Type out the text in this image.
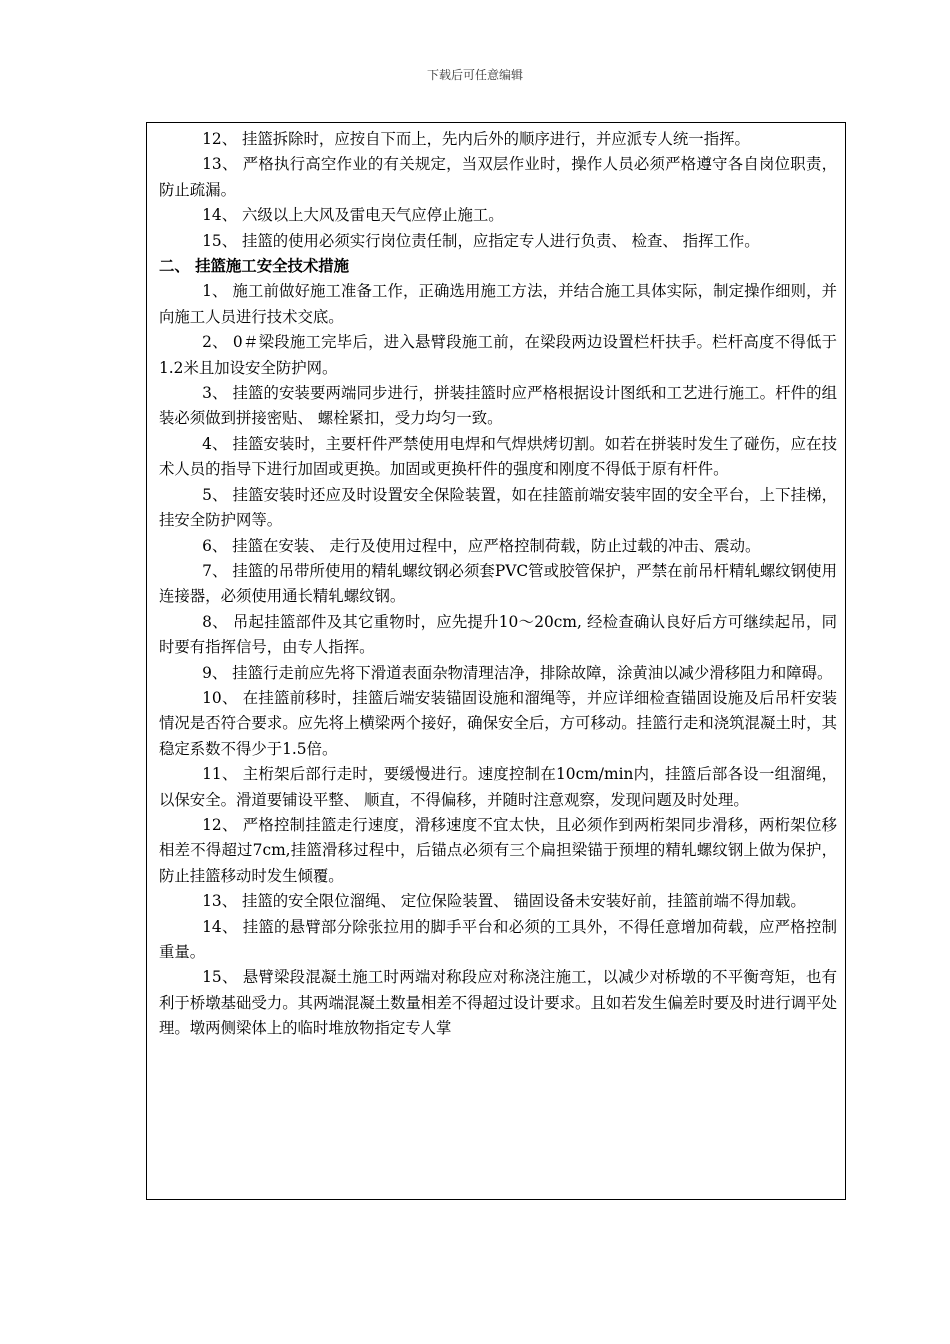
下载后可任意编辑

12、 挂篮拆除时，应按自下而上，先内后外的顺序进行，并应派专人统一指挥。

13、 严格执行高空作业的有关规定，当双层作业时，操作人员必须严格遵守各自岗位职责，防止疏漏。

14、 六级以上大风及雷电天气应停止施工。

15、 挂篮的使用必须实行岗位责任制，应指定专人进行负责、 检查、 指挥工作。

二、 挂篮施工安全技术措施

1、 施工前做好施工准备工作，正确选用施工方法，并结合施工具体实际，制定操作细则，并向施工人员进行技术交底。

2、 0＃梁段施工完毕后，进入悬臂段施工前，在梁段两边设置栏杆扶手。栏杆高度不得低于1.2米且加设安全防护网。

3、 挂篮的安装要两端同步进行，拼装挂篮时应严格根据设计图纸和工艺进行施工。杆件的组装必须做到拼接密贴、 螺栓紧扣，受力均匀一致。

4、 挂篮安装时，主要杆件严禁使用电焊和气焊烘烤切割。如若在拼装时发生了碰伤，应在技术人员的指导下进行加固或更换。加固或更换杆件的强度和刚度不得低于原有杆件。

5、 挂篮安装时还应及时设置安全保险装置，如在挂篮前端安装牢固的安全平台，上下挂梯，挂安全防护网等。

6、 挂篮在安装、 走行及使用过程中，应严格控制荷载，防止过载的冲击、震动。

7、 挂篮的吊带所使用的精轧螺纹钢必须套PVC管或胶管保护，严禁在前吊杆精轧螺纹钢使用连接器，必须使用通长精轧螺纹钢。

8、 吊起挂篮部件及其它重物时，应先提升10～20cm, 经检查确认良好后方可继续起吊，同时要有指挥信号，由专人指挥。

9、 挂篮行走前应先将下滑道表面杂物清理洁净，排除故障，涂黄油以减少滑移阻力和障碍。

10、 在挂篮前移时，挂篮后端安装锚固设施和溜绳等，并应详细检查锚固设施及后吊杆安装情况是否符合要求。应先将上横梁两个接好，确保安全后，方可移动。挂篮行走和浇筑混凝土时，其稳定系数不得少于1.5倍。

11、 主桁架后部行走时，要缓慢进行。速度控制在10cm/min内，挂篮后部各设一组溜绳，以保安全。滑道要铺设平整、 顺直，不得偏移，并随时注意观察，发现问题及时处理。

12、 严格控制挂篮走行速度，滑移速度不宜太快，且必须作到两桁架同步滑移，两桁架位移相差不得超过7cm,挂篮滑移过程中，后锚点必须有三个扁担梁锚于预埋的精轧螺纹钢上做为保护，防止挂篮移动时发生倾覆。

13、 挂篮的安全限位溜绳、 定位保险装置、 锚固设备未安装好前，挂篮前端不得加载。

14、 挂篮的悬臂部分除张拉用的脚手平台和必须的工具外，不得任意增加荷载，应严格控制重量。

15、 悬臂梁段混凝土施工时两端对称段应对称浇注施工，以减少对桥墩的不平衡弯矩，也有利于桥墩基础受力。其两端混凝土数量相差不得超过设计要求。且如若发生偏差时要及时进行调平处理。墩两侧梁体上的临时堆放物指定专人掌
